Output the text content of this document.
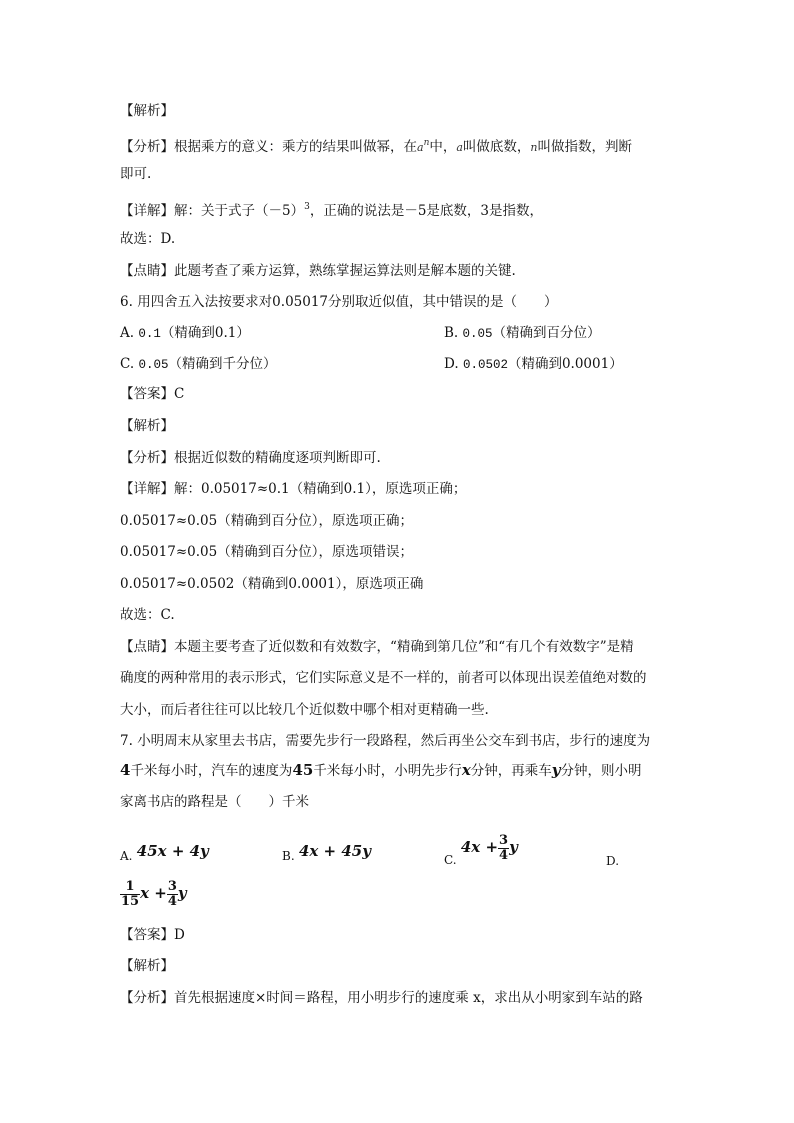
【解析】
【分析】根据乘方的意义：乘方的结果叫做幂，在$a^n$中，a叫做底数，n叫做指数，判断
即可.
【详解】解：关于式子$(-5)^3$，正确的说法是－5是底数，3是指数，
故选：D.
【点睛】此题考查了乘方运算，熟练掌握运算法则是解本题的关键.
6. 用四舍五入法按要求对0.05017分别取近似值，其中错误的是（　　）
A. 0.1（精确到0.1）	B. 0.05（精确到百分位）
C. 0.05（精确到千分位）	D. 0.0502（精确到0.0001）
【答案】C
【解析】
【分析】根据近似数的精确度逐项判断即可.
【详解】解：0.05017≈0.1（精确到0.1），原选项正确；
0.05017≈0.05（精确到百分位），原选项正确；
0.05017≈0.05（精确到百分位），原选项错误；
0.05017≈0.0502（精确到0.0001），原选项正确
故选：C.
【点睛】本题主要考查了近似数和有效数字，“精确到第几位”和“有几个有效数字”是精
确度的两种常用的表示形式，它们实际意义是不一样的，前者可以体现出误差值绝对数的
大小，而后者往往可以比较几个近似数中哪个相对更精确一些.
7. 小明周末从家里去书店，需要先步行一段路程，然后再坐公交车到书店，步行的速度为
4千米每小时，汽车的速度为45千米每小时，小明先步行x分钟，再乘车y分钟，则小明
家离书店的路程是（　　）千米
A. 45x + 4y	B. 4x + 45y	C. $4x + \frac{3}{4}$ y
D.
$\frac{1}{15}$ $x + \frac{3}{4}$ y
【答案】D
【解析】
【分析】首先根据速度×时间＝路程，用小明步行的速度乘 x，求出从小明家到车站的路
